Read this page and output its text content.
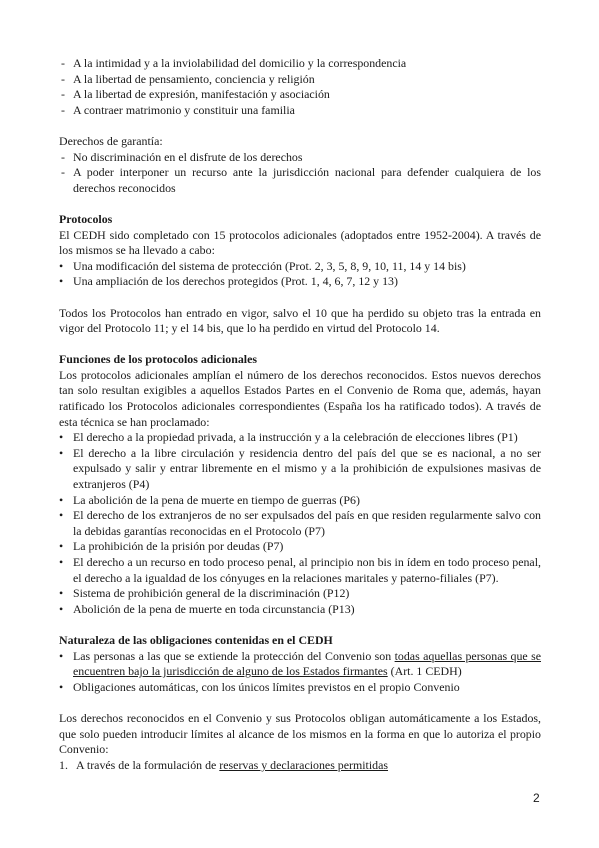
- A la intimidad y a la inviolabilidad del domicilio y la correspondencia
- A la libertad de pensamiento, conciencia y religión
- A la libertad de expresión, manifestación y asociación
- A contraer matrimonio y constituir una familia

Derechos de garantía:

- No discriminación en el disfrute de los derechos
- A poder interponer un recurso ante la jurisdicción nacional para defender cualquiera de los derechos reconocidos
Protocolos

El CEDH sido completado con 15 protocolos adicionales (adoptados entre 1952-2004). A través de los mismos se ha llevado a cabo:

• Una modificación del sistema de protección (Prot. 2, 3, 5, 8, 9, 10, 11, 14 y 14 bis)
• Una ampliación de los derechos protegidos (Prot. 1, 4, 6, 7, 12 y 13)

Todos los Protocolos han entrado en vigor, salvo el 10 que ha perdido su objeto tras la entrada en vigor del Protocolo 11; y el 14 bis, que lo ha perdido en virtud del Protocolo 14.

Funciones de los protocolos adicionales

Los protocolos adicionales amplían el número de los derechos reconocidos. Estos nuevos derechos tan solo resultan exigibles a aquellos Estados Partes en el Convenio de Roma que, además, hayan ratificado los Protocolos adicionales correspondientes (España los ha ratificado todos). A través de esta técnica se han proclamado:

• El derecho a la propiedad privada, a la instrucción y a la celebración de elecciones libres (P1)
• El derecho a la libre circulación y residencia dentro del país del que se es nacional, a no ser expulsado y salir y entrar libremente en el mismo y a la prohibición de expulsiones masivas de extranjeros (P4)
• La abolición de la pena de muerte en tiempo de guerras (P6)
• El derecho de los extranjeros de no ser expulsados del país en que residen regularmente salvo con la debidas garantías reconocidas en el Protocolo (P7)
• La prohibición de la prisión por deudas (P7)
• El derecho a un recurso en todo proceso penal, al principio non bis in ídem en todo proceso penal, el derecho a la igualdad de los cónyuges en la relaciones maritales y paterno-filiales (P7).
• Sistema de prohibición general de la discriminación (P12)
• Abolición de la pena de muerte en toda circunstancia (P13)
Naturaleza de las obligaciones contenidas en el CEDH
• Las personas a las que se extiende la protección del Convenio son todas aquellas personas que se encuentren bajo la jurisdicción de alguno de los Estados firmantes (Art. 1 CEDH)
• Obligaciones automáticas, con los únicos límites previstos en el propio Convenio

Los derechos reconocidos en el Convenio y sus Protocolos obligan automáticamente a los Estados, que solo pueden introducir límites al alcance de los mismos en la forma en que lo autoriza el propio Convenio:

1. A través de la formulación de reservas y declaraciones permitidas
2
